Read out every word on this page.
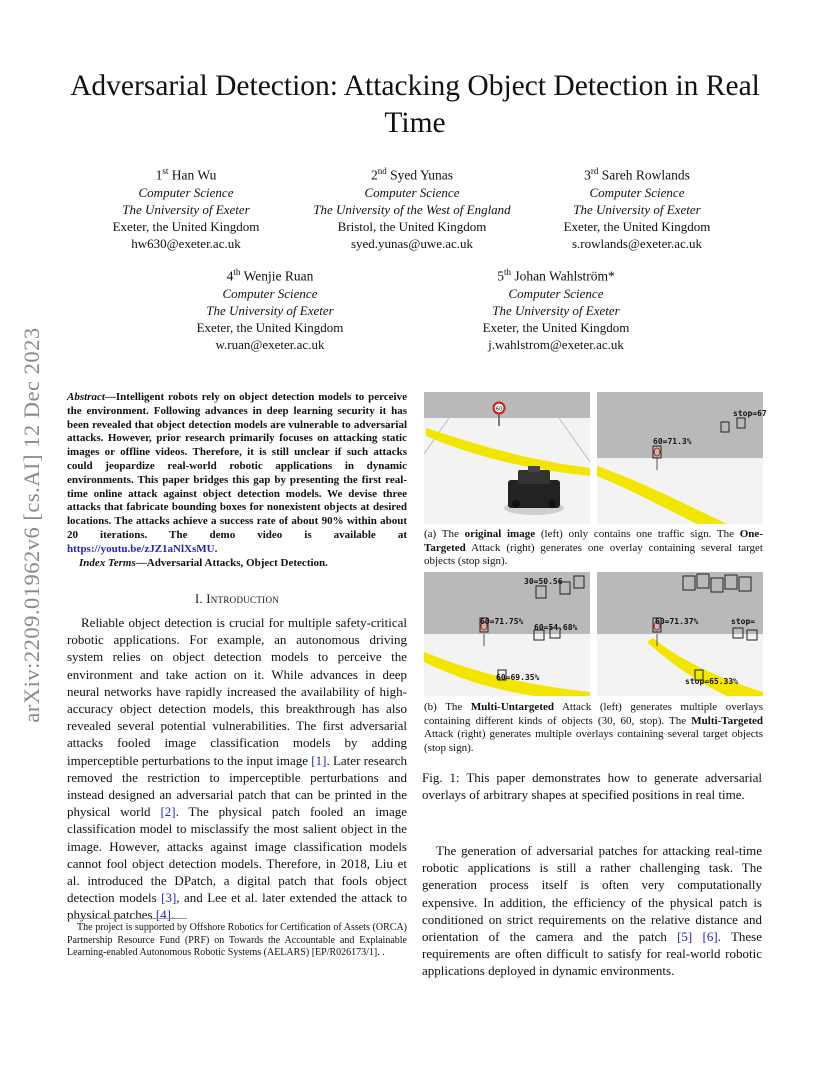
arXiv:2209.01962v6 [cs.AI] 12 Dec 2023
Adversarial Detection: Attacking Object Detection in Real Time
1st Han Wu
Computer Science
The University of Exeter
Exeter, the United Kingdom
hw630@exeter.ac.uk
2nd Syed Yunas
Computer Science
The University of the West of England
Bristol, the United Kingdom
syed.yunas@uwe.ac.uk
3rd Sareh Rowlands
Computer Science
The University of Exeter
Exeter, the United Kingdom
s.rowlands@exeter.ac.uk
4th Wenjie Ruan
Computer Science
The University of Exeter
Exeter, the United Kingdom
w.ruan@exeter.ac.uk
5th Johan Wahlström*
Computer Science
The University of Exeter
Exeter, the United Kingdom
j.wahlstrom@exeter.ac.uk
Abstract—Intelligent robots rely on object detection models to perceive the environment. Following advances in deep learning security it has been revealed that object detection models are vulnerable to adversarial attacks. However, prior research primarily focuses on attacking static images or offline videos. Therefore, it is still unclear if such attacks could jeopardize real-world robotic applications in dynamic environments. This paper bridges this gap by presenting the first real-time online attack against object detection models. We devise three attacks that fabricate bounding boxes for nonexistent objects at desired locations. The attacks achieve a success rate of about 90% within about 20 iterations. The demo video is available at https://youtu.be/zJZ1aNlXsMU.
Index Terms—Adversarial Attacks, Object Detection.
I. Introduction
Reliable object detection is crucial for multiple safety-critical robotic applications. For example, an autonomous driving system relies on object detection models to perceive the environment and take action on it. While advances in deep neural networks have rapidly increased the availability of high-accuracy object detection models, this breakthrough has also revealed several potential vulnerabilities. The first adversarial attacks fooled image classification models by adding imperceptible perturbations to the input image [1]. Later research removed the restriction to imperceptible perturbations and instead designed an adversarial patch that can be printed in the physical world [2]. The physical patch fooled an image classification model to misclassify the most salient object in the image. However, attacks against image classification models cannot fool object detection models. Therefore, in 2018, Liu et al. introduced the DPatch, a digital patch that fools object detection models [3], and Lee et al. later extended the attack to physical patches [4].
The project is supported by Offshore Robotics for Certification of Assets (ORCA) Partnership Resource Fund (PRF) on Towards the Accountable and Explainable Learning-enabled Autonomous Robotic Systems (AELARS) [EP/R026173/1]. .
60
60=71.3%
stop=67
(a) The original image (left) only contains one traffic sign. The One-Targeted Attack (right) generates one overlay containing several target objects (stop sign).
60=71.75%
30=50.56
60=54.68%
60=69.35%
60=71.37%	stop=
stop=65.33%
(b) The Multi-Untargeted Attack (left) generates multiple overlays containing different kinds of objects (30, 60, stop). The Multi-Targeted Attack (right) generates multiple overlays containing several target objects (stop sign).
Fig. 1: This paper demonstrates how to generate adversarial overlays of arbitrary shapes at specified positions in real time.
The generation of adversarial patches for attacking real-time robotic applications is still a rather challenging task. The generation process itself is often very computationally expensive. In addition, the efficiency of the physical patch is conditioned on strict requirements on the relative distance and orientation of the camera and the patch [5] [6]. These requirements are often difficult to satisfy for real-world robotic applications deployed in dynamic environments.
